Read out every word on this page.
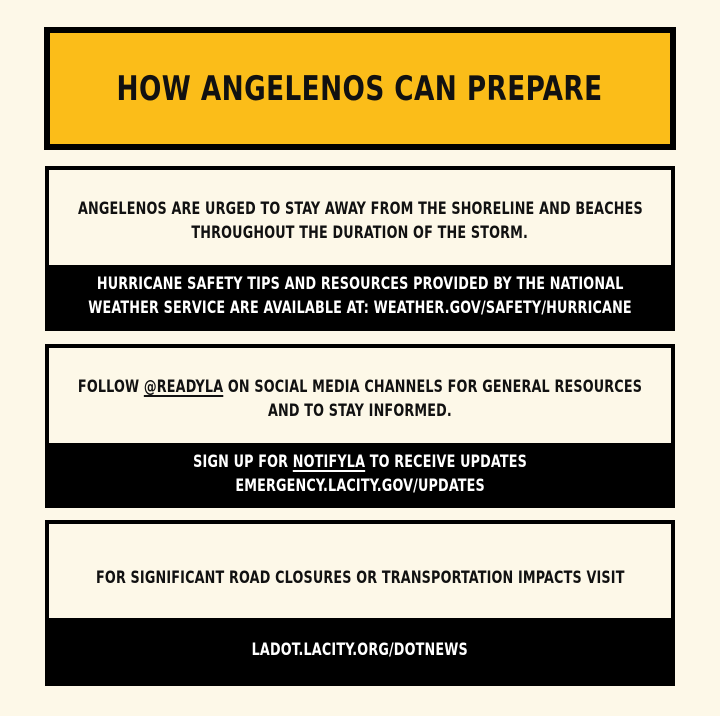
HOW ANGELENOS CAN PREPARE
ANGELENOS ARE URGED TO STAY AWAY FROM THE SHORELINE AND BEACHES
THROUGHOUT THE DURATION OF THE STORM.
HURRICANE SAFETY TIPS AND RESOURCES PROVIDED BY THE NATIONAL
WEATHER SERVICE ARE AVAILABLE AT: WEATHER.GOV/SAFETY/HURRICANE
FOLLOW @READYLA ON SOCIAL MEDIA CHANNELS FOR GENERAL RESOURCES
AND TO STAY INFORMED.
SIGN UP FOR NOTIFYLA TO RECEIVE UPDATES
EMERGENCY.LACITY.GOV/UPDATES
FOR SIGNIFICANT ROAD CLOSURES OR TRANSPORTATION IMPACTS VISIT
LADOT.LACITY.ORG/DOTNEWS
